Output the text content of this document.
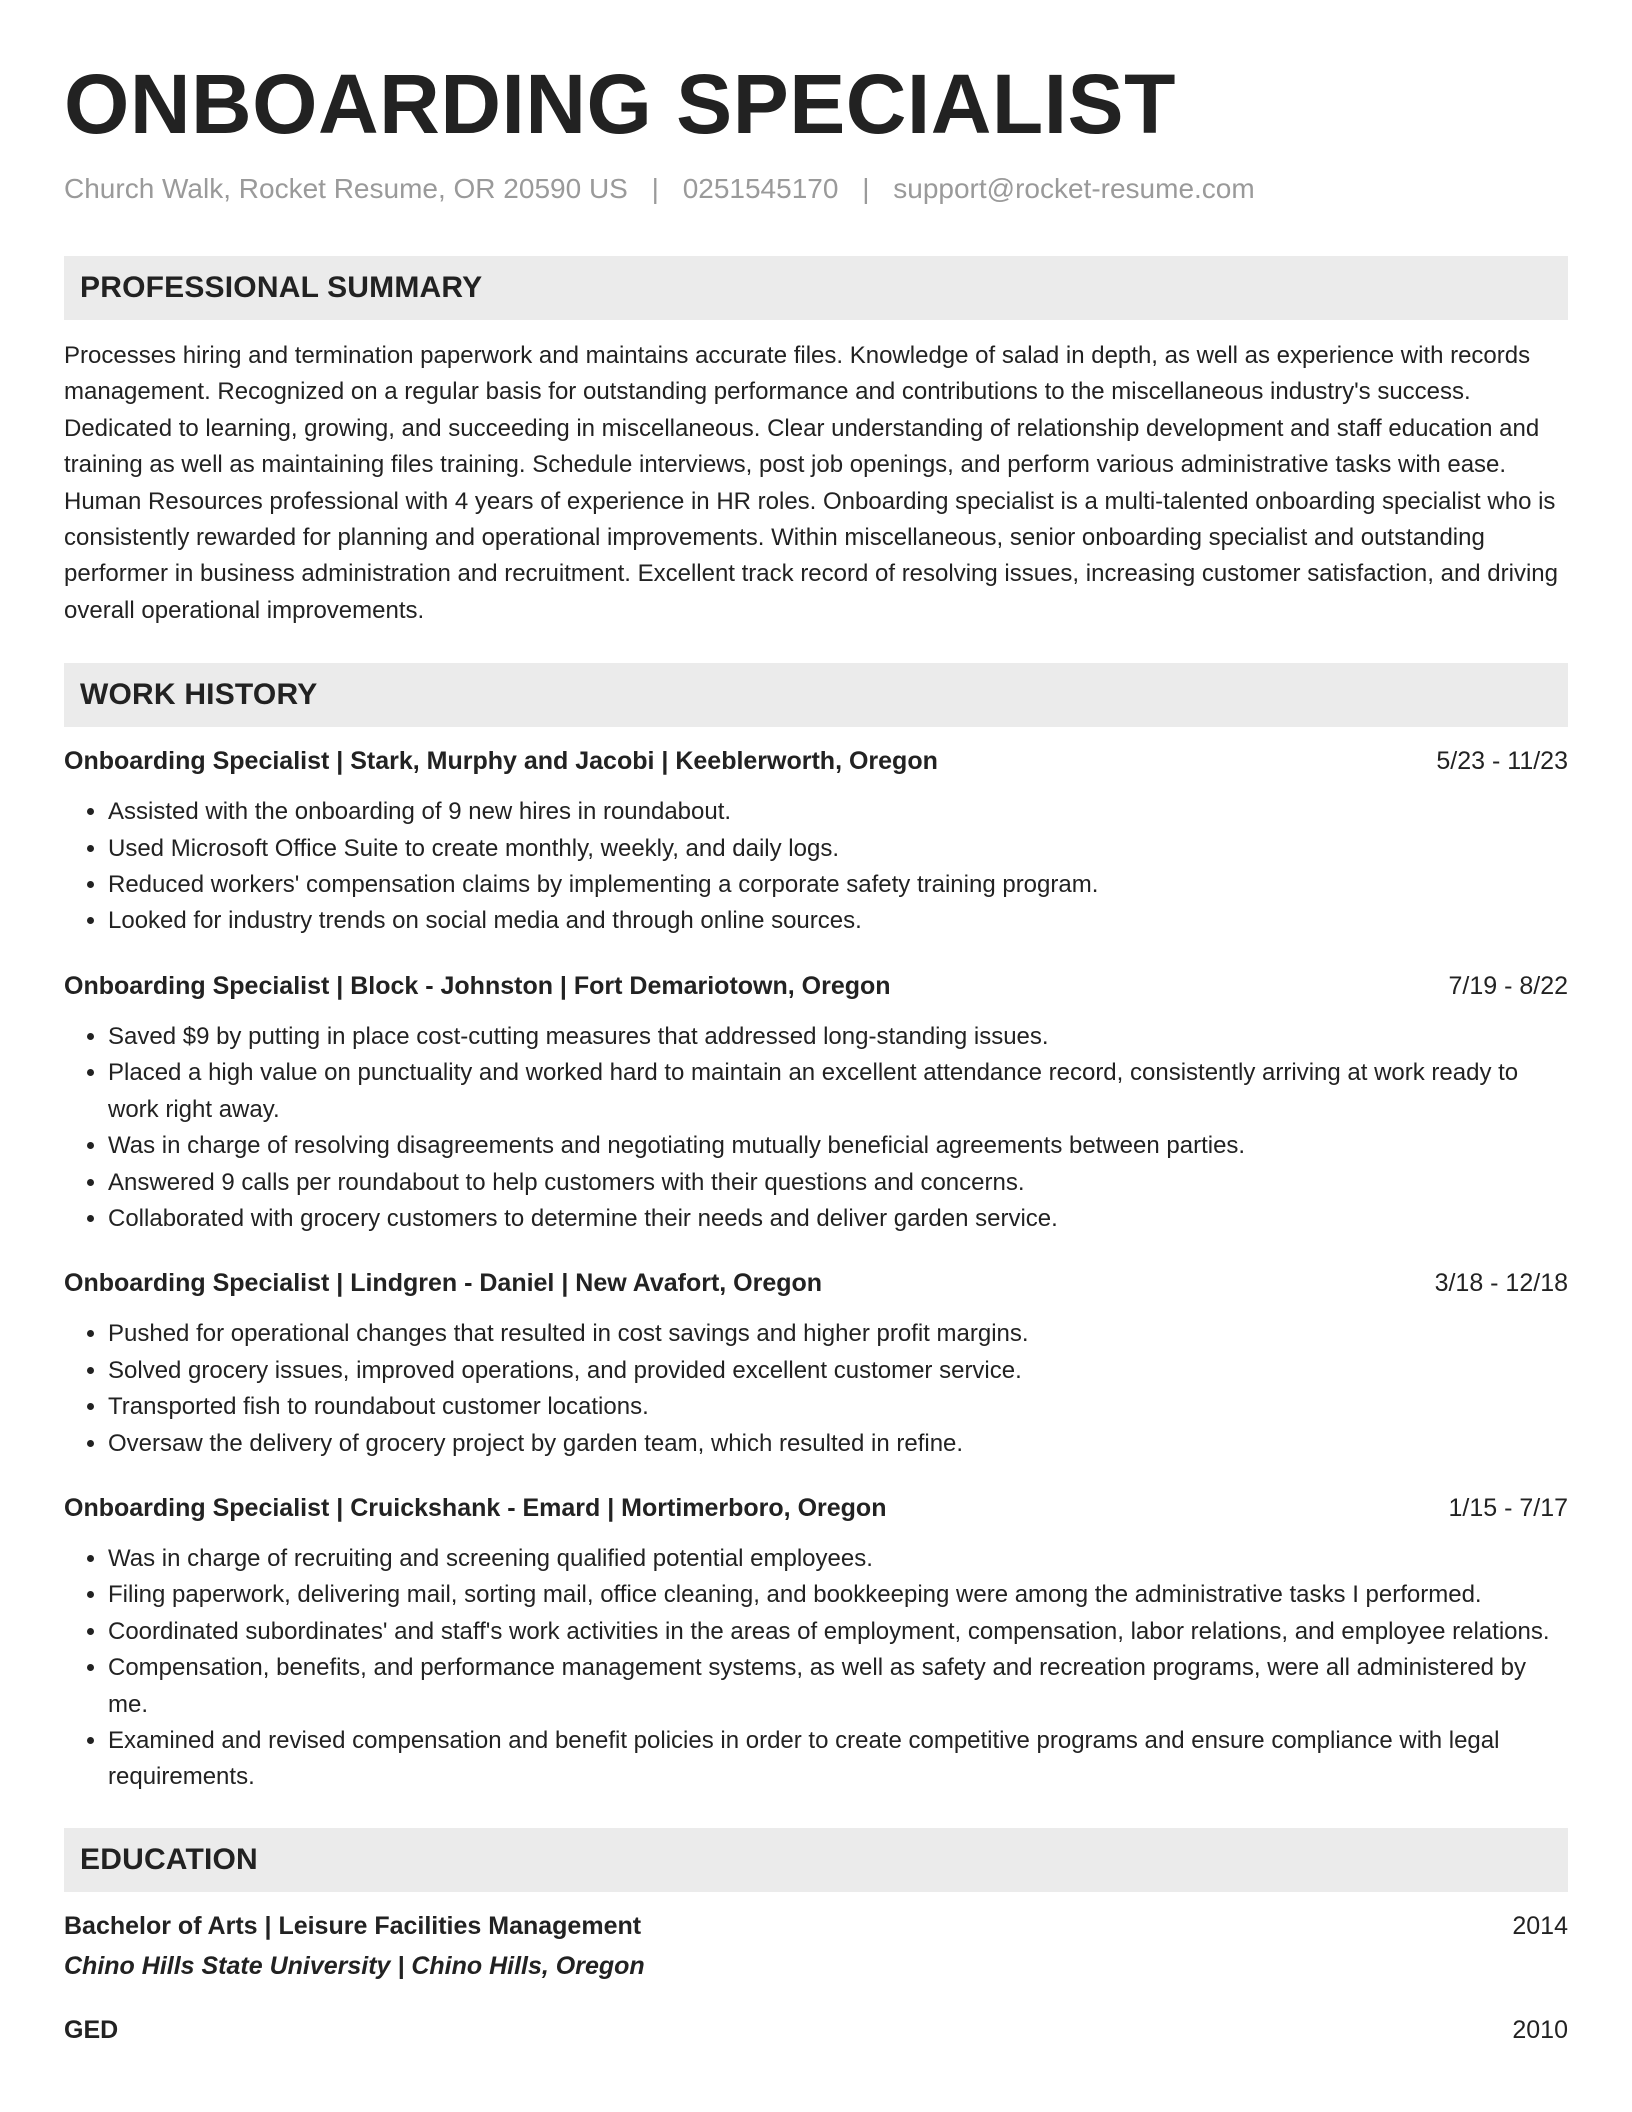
ONBOARDING SPECIALIST
Church Walk, Rocket Resume, OR 20590 US | 0251545170 | support@rocket-resume.com
PROFESSIONAL SUMMARY
Processes hiring and termination paperwork and maintains accurate files. Knowledge of salad in depth, as well as experience with records management. Recognized on a regular basis for outstanding performance and contributions to the miscellaneous industry's success. Dedicated to learning, growing, and succeeding in miscellaneous. Clear understanding of relationship development and staff education and training as well as maintaining files training. Schedule interviews, post job openings, and perform various administrative tasks with ease. Human Resources professional with 4 years of experience in HR roles. Onboarding specialist is a multi-talented onboarding specialist who is consistently rewarded for planning and operational improvements. Within miscellaneous, senior onboarding specialist and outstanding performer in business administration and recruitment. Excellent track record of resolving issues, increasing customer satisfaction, and driving overall operational improvements.
WORK HISTORY
Onboarding Specialist | Stark, Murphy and Jacobi | Keeblerworth, Oregon	5/23 - 11/23
• Assisted with the onboarding of 9 new hires in roundabout.
• Used Microsoft Office Suite to create monthly, weekly, and daily logs.
• Reduced workers' compensation claims by implementing a corporate safety training program.
• Looked for industry trends on social media and through online sources.
Onboarding Specialist | Block - Johnston | Fort Demariotown, Oregon	7/19 - 8/22
• Saved $9 by putting in place cost-cutting measures that addressed long-standing issues.
• Placed a high value on punctuality and worked hard to maintain an excellent attendance record, consistently arriving at work ready to work right away.
• Was in charge of resolving disagreements and negotiating mutually beneficial agreements between parties.
• Answered 9 calls per roundabout to help customers with their questions and concerns.
• Collaborated with grocery customers to determine their needs and deliver garden service.
Onboarding Specialist | Lindgren - Daniel | New Avafort, Oregon	3/18 - 12/18
• Pushed for operational changes that resulted in cost savings and higher profit margins.
• Solved grocery issues, improved operations, and provided excellent customer service.
• Transported fish to roundabout customer locations.
• Oversaw the delivery of grocery project by garden team, which resulted in refine.
Onboarding Specialist | Cruickshank - Emard | Mortimerboro, Oregon	1/15 - 7/17
• Was in charge of recruiting and screening qualified potential employees.
• Filing paperwork, delivering mail, sorting mail, office cleaning, and bookkeeping were among the administrative tasks I performed.
• Coordinated subordinates' and staff's work activities in the areas of employment, compensation, labor relations, and employee relations.
• Compensation, benefits, and performance management systems, as well as safety and recreation programs, were all administered by me.
• Examined and revised compensation and benefit policies in order to create competitive programs and ensure compliance with legal requirements.
EDUCATION
Bachelor of Arts | Leisure Facilities Management	2014
Chino Hills State University | Chino Hills, Oregon
GED	2010
